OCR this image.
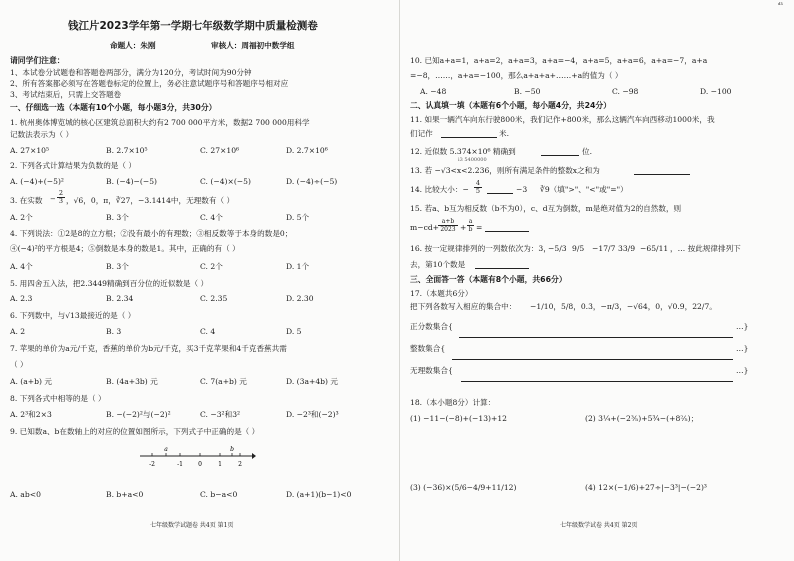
ᵈ³
钱江片2023学年第一学期七年级数学期中质量检测卷
命题人：朱刚	审核人：周福初中数学组
请同学们注意：
1、本试卷分试题卷和答题卷两部分，满分为120分，考试时间为90分钟
2、所有答案都必须写在答题卷标定的位置上，务必注意试题序号和答题序号相对应
3、考试结束后，只需上交答题卷
一、仔细选一选（本题有10个小题，每小题3分，共30分）
1. 杭州奥体博览城的核心区建筑总面积大约有2 700 000平方米，数据2 700 000用科学
记数法表示为（ ）
A. 27×10⁵	B. 2.7×10⁵	C. 27×10⁶	D. 2.7×10⁶
2. 下列各式计算结果为负数的是（ ）
A. (−4)+(−5)²	B. (−4)−(−5)	C. (−4)×(−5)	D. (−4)÷(−5)
3. 在实数 −
2
3 ，√6，0，π，∛27，−3.1414中，无理数有（ ）
A. 2个	B. 3个	C. 4个	D. 5个
4. 下列说法：①2是8的立方根；②没有最小的有理数；③相反数等于本身的数是0；
④(−4)²的平方根是4；⑤倒数是本身的数是1。其中，正确的有（ ）
A. 4个	B. 3个	C. 2个	D. 1个
5. 用四舍五入法，把2.3449精确到百分位的近似数是（ ）
A. 2.3	B. 2.34	C. 2.35	D. 2.30
6. 下列数中，与√13最接近的是（ ）
A. 2	B. 3	C. 4	D. 5
7. 苹果的单价为a元/千克，香蕉的单价为b元/千克，买3千克苹果和4千克香蕉共需
（ ）
A. (a+b) 元	B. (4a+3b) 元	C. 7(a+b) 元	D. (3a+4b) 元
8. 下列各式中相等的是（ ）
A. 2³和2×3	B. −(−2)²与(−2)²	C. −3²和3²	D. −2³和(−2)³
9. 已知数a、b在数轴上的对应的位置如图所示，下列式子中正确的是（ ）
-2
a
-1	0	1
b
2
A. ab<0	B. b+a<0	C. b−a<0	D. (a+1)(b−1)<0
七年级数学试题卷 共4页 第1页
10. 已知a+a=1，a+a=2，a+a=3，a+a=−4，a+a=5，a+a=6，a+a=−7，a+a
=−8，……，a+a=−100，那么a+a+a+……+a的值为（ ）
A. −48	B. −50	C. −98	D. −100
二、认真填一填（本题有6个小题，每小题4分，共24分）
11. 如果一辆汽车向东行驶800米，我们记作+800米，那么这辆汽车向西移动1000米，我
们记作	米.
12. 近似数 5.374×10⁶ 精确到	位.
i3 5400000
13. 若 −√3<x<2.236，则所有满足条件的整数x之和为
14. 比较大小：−
4
5	−3 ∛9（填">"、"<"或"="）
15. 若a、b互为相反数（b不为0），c、d互为倒数，m是绝对值为2的自然数，则
m−cd+
a+b
2023 +
a
b =
16. 按一定规律排列的一列数依次为：3，
−5/3 9/5 −17/7 33/9 −65/11 ，… 按此规律排列下
去，第10个数是
三、全面答一答（本题有8个小题，共66分）
17.（本题共6分）
把下列各数写入相应的集合中： −1/10，5/8，0.3，−π/3，−√64，0，√0.9，22/7。
正分数集合{	…}
整数集合{	…}
无理数集合{	…}
18.（本小题8分）计算：
(1) −11−(−8)+(−13)+12	(2) 3¼+(−2⅗)+5¾−(+8⅖)；
(3) (−36)×(5/6−4/9+11/12)	(4) 12×(−1/6)+27÷|−3³|−(−2)³
七年级数学试卷 共4页 第2页
